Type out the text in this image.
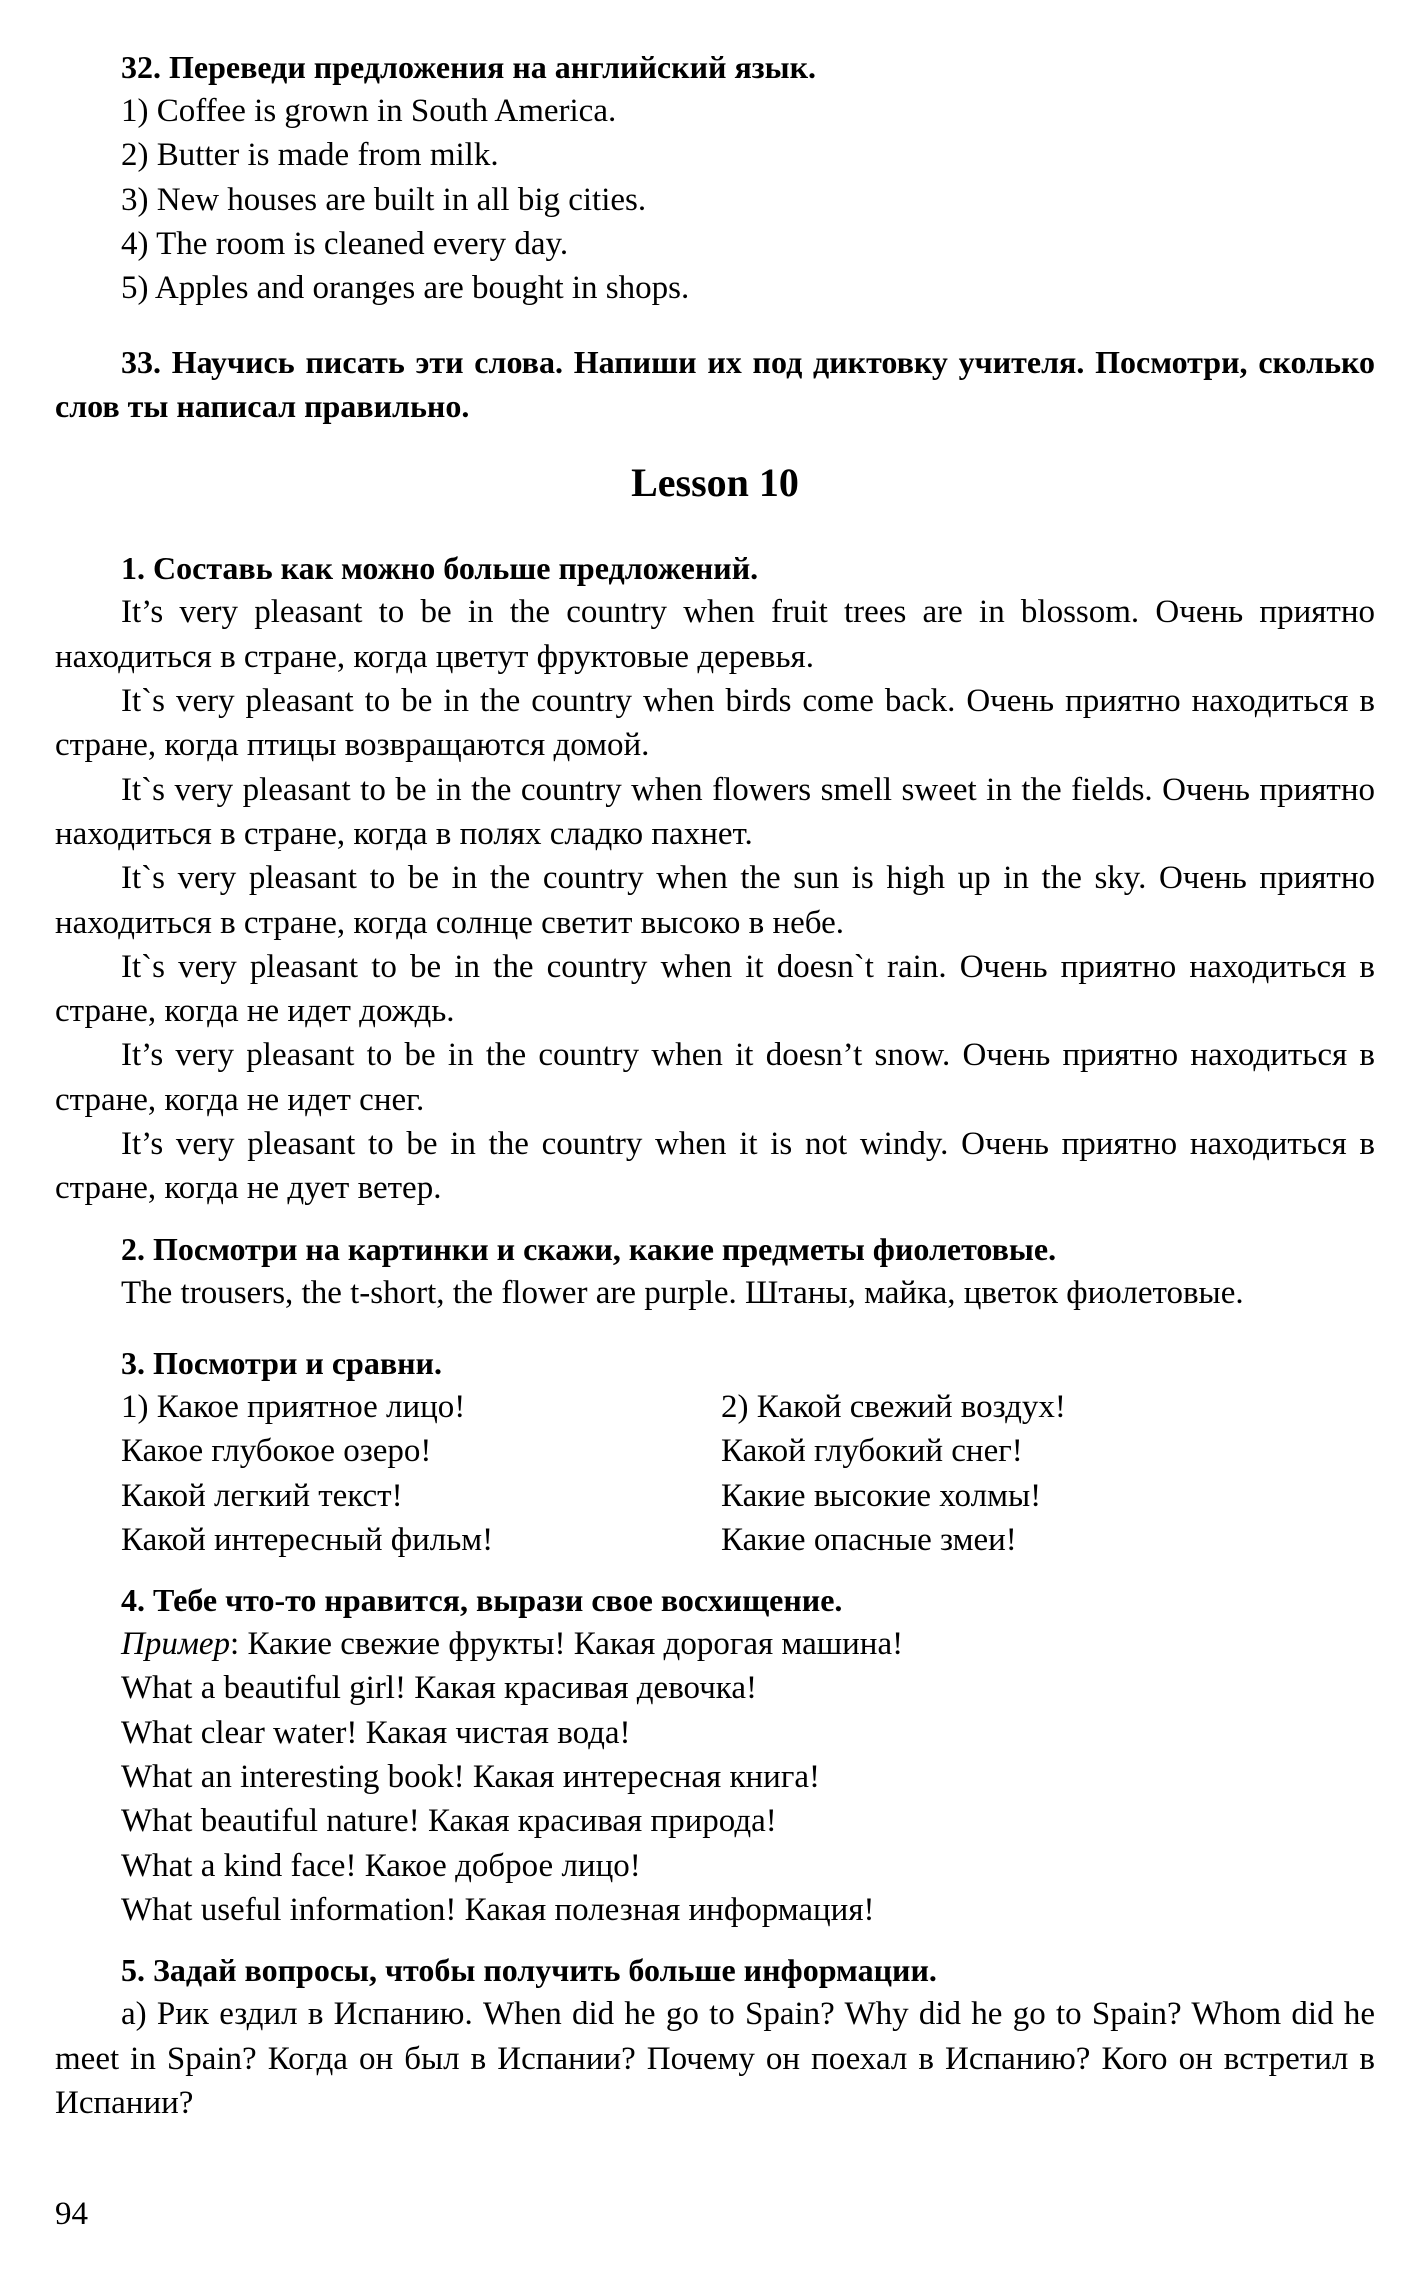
32. Переведи предложения на английский язык.

1) Coffee is grown in South America.

2) Butter is made from milk.

3) New houses are built in all big cities.

4) The room is cleaned every day.

5) Apples and oranges are bought in shops.

33. Научись писать эти слова. Напиши их под диктовку учителя. Посмотри, сколько слов ты написал правильно.

Lesson 10

1. Составь как можно больше предложений.

It’s very pleasant to be in the country when fruit trees are in blossom. Очень приятно находиться в стране, когда цветут фруктовые деревья.

It`s very pleasant to be in the country when birds come back. Очень приятно находиться в стране, когда птицы возвращаются домой.

It`s very pleasant to be in the country when flowers smell sweet in the fields. Очень приятно находиться в стране, когда в полях сладко пахнет.

It`s very pleasant to be in the country when the sun is high up in the sky. Очень приятно находиться в стране, когда солнце светит высоко в небе.

It`s very pleasant to be in the country when it doesn`t rain. Очень приятно находиться в стране, когда не идет дождь.

It’s very pleasant to be in the country when it doesn’t snow. Очень приятно находиться в стране, когда не идет снег.

It’s very pleasant to be in the country when it is not windy. Очень приятно находиться в стране, когда не дует ветер.

2. Посмотри на картинки и скажи, какие предметы фиолетовые.

The trousers, the t-short, the flower are purple. Штаны, майка, цветок фиолетовые.

3. Посмотри и сравни.

1) Какое приятное лицо!
Какое глубокое озеро!
Какой легкий текст!
Какой интересный фильм!
2) Какой свежий воздух!
Какой глубокий снег!
Какие высокие холмы!
Какие опасные змеи!

4. Тебе что-то нравится, вырази свое восхищение.

Пример: Какие свежие фрукты! Какая дорогая машина!
What a beautiful girl! Какая красивая девочка!
What clear water! Какая чистая вода!
What an interesting book! Какая интересная книга!
What beautiful nature! Какая красивая природа!
What a kind face! Какое доброе лицо!
What useful information! Какая полезная информация!

5. Задай вопросы, чтобы получить больше информации.

а) Рик ездил в Испанию. When did he go to Spain? Why did he go to Spain? Whom did he meet in Spain? Когда он был в Испании? Почему он поехал в Испанию? Кого он встретил в Испании?

94
